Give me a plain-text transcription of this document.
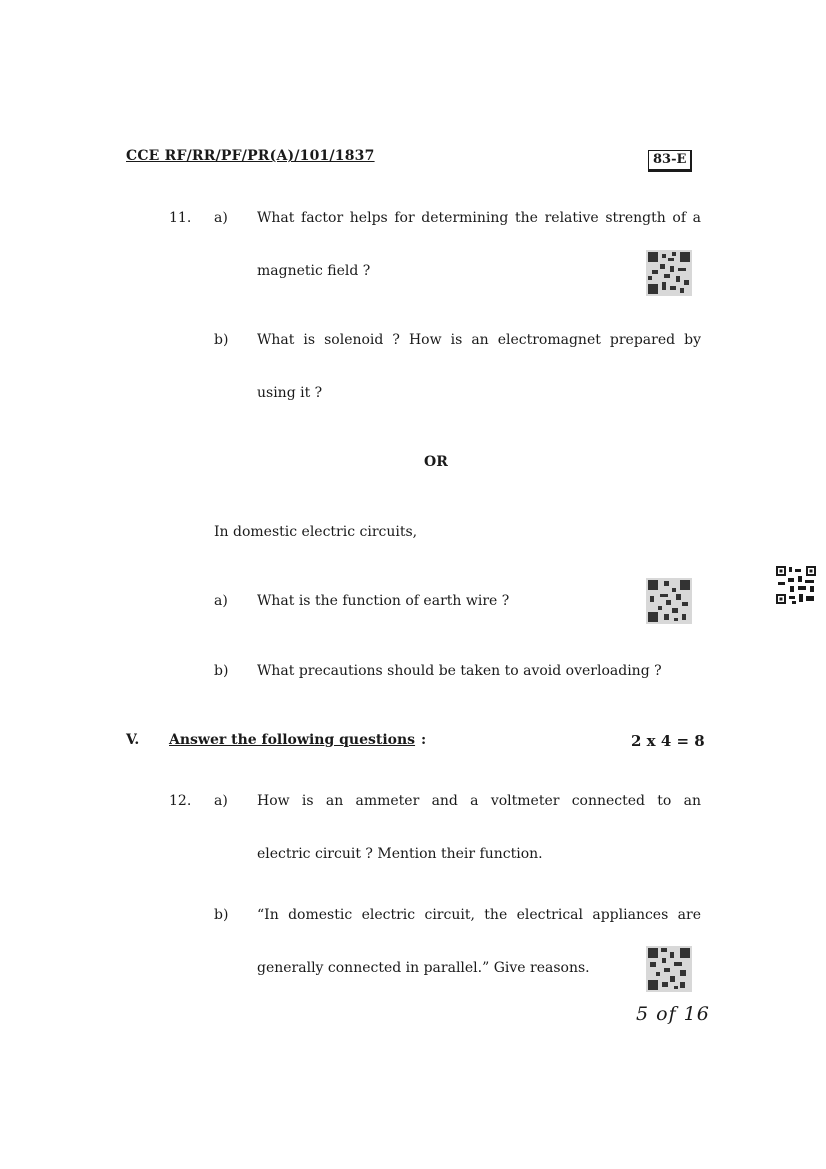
CCE RF/RR/PF/PR(A)/101/1837	83-E
11. a) What factor helps for determining the relative strength of a
magnetic field ?
b) What is solenoid ? How is an electromagnet prepared by
using it ?
OR
In domestic electric circuits,
a) What is the function of earth wire ?
b) What precautions should be taken to avoid overloading ?
V. Answer the following questions :	2 x 4 = 8
12. a) How is an ammeter and a voltmeter connected to an
electric circuit ? Mention their function.
b) “In domestic electric circuit, the electrical appliances are
generally connected in parallel.” Give reasons.
5 of 16
